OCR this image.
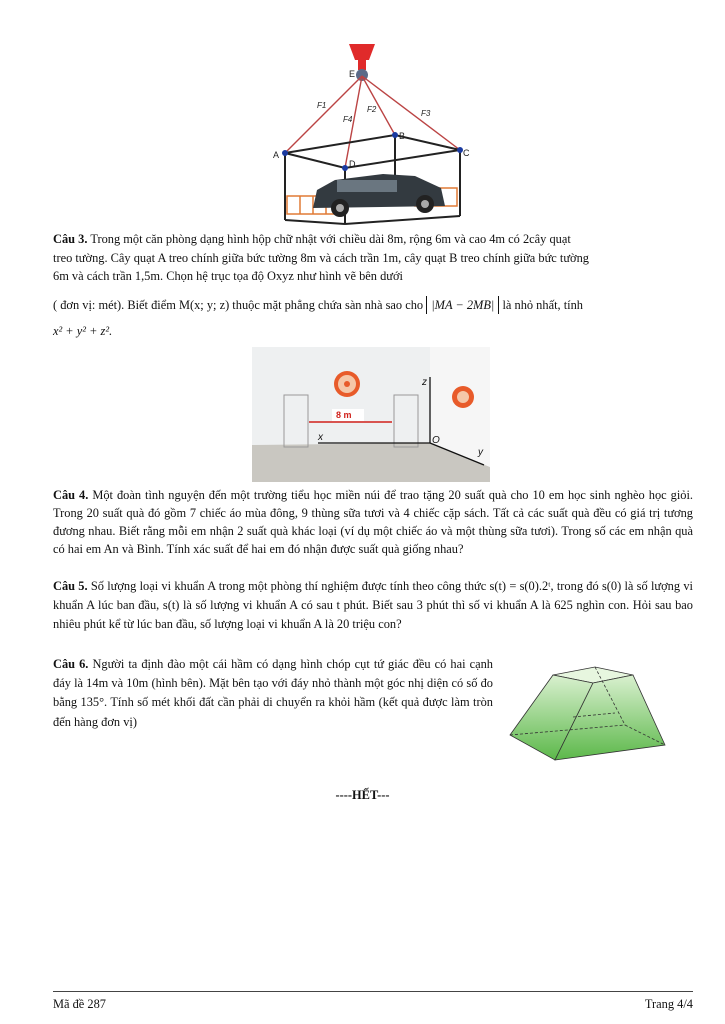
E
A
B
C
D
F1
F4
F2	F3
Câu 3. Trong một căn phòng dạng hình hộp chữ nhật với chiều dài 8m, rộng 6m và cao 4m có 2cây quạt
treo tường. Cây quạt A treo chính giữa bức tường 8m và cách trần 1m, cây quạt B treo chính giữa bức tường
6m và cách trần 1,5m. Chọn hệ trục tọa độ Oxyz như hình vẽ bên dưới
( đơn vị: mét). Biết điểm M(x; y; z) thuộc mặt phẳng chứa sàn nhà sao cho |MA − 2MB| là nhỏ nhất, tính
x² + y² + z².
8 m
x
z
y
O
Câu 4. Một đoàn tình nguyện đến một trường tiểu học miền núi để trao tặng 20 suất quà cho 10 em học sinh nghèo học giỏi. Trong 20 suất quà đó gồm 7 chiếc áo mùa đông, 9 thùng sữa tươi và 4 chiếc cặp sách. Tất cả các suất quà đều có giá trị tương đương nhau. Biết rằng mỗi em nhận 2 suất quà khác loại (ví dụ một chiếc áo và một thùng sữa tươi). Trong số các em nhận quà có hai em An và Bình. Tính xác suất để hai em đó nhận được suất quà giống nhau?
Câu 5. Số lượng loại vi khuẩn A trong một phòng thí nghiệm được tính theo công thức s(t) = s(0).2ᵗ, trong đó s(0) là số lượng vi khuẩn A lúc ban đầu, s(t) là số lượng vi khuẩn A có sau t phút. Biết sau 3 phút thì số vi khuẩn A là 625 nghìn con. Hỏi sau bao nhiêu phút kể từ lúc ban đầu, số lượng loại vi khuẩn A là 20 triệu con?
Câu 6. Người ta định đào một cái hầm có dạng hình chóp cụt tứ giác đều có hai cạnh đáy là 14m và 10m (hình bên). Mặt bên tạo với đáy nhỏ thành một góc nhị diện có số đo bằng 135°. Tính số mét khối đất cần phải di chuyển ra khỏi hầm (kết quả được làm tròn đến hàng đơn vị)
----HẾT---
Mã đề 287	Trang 4/4
